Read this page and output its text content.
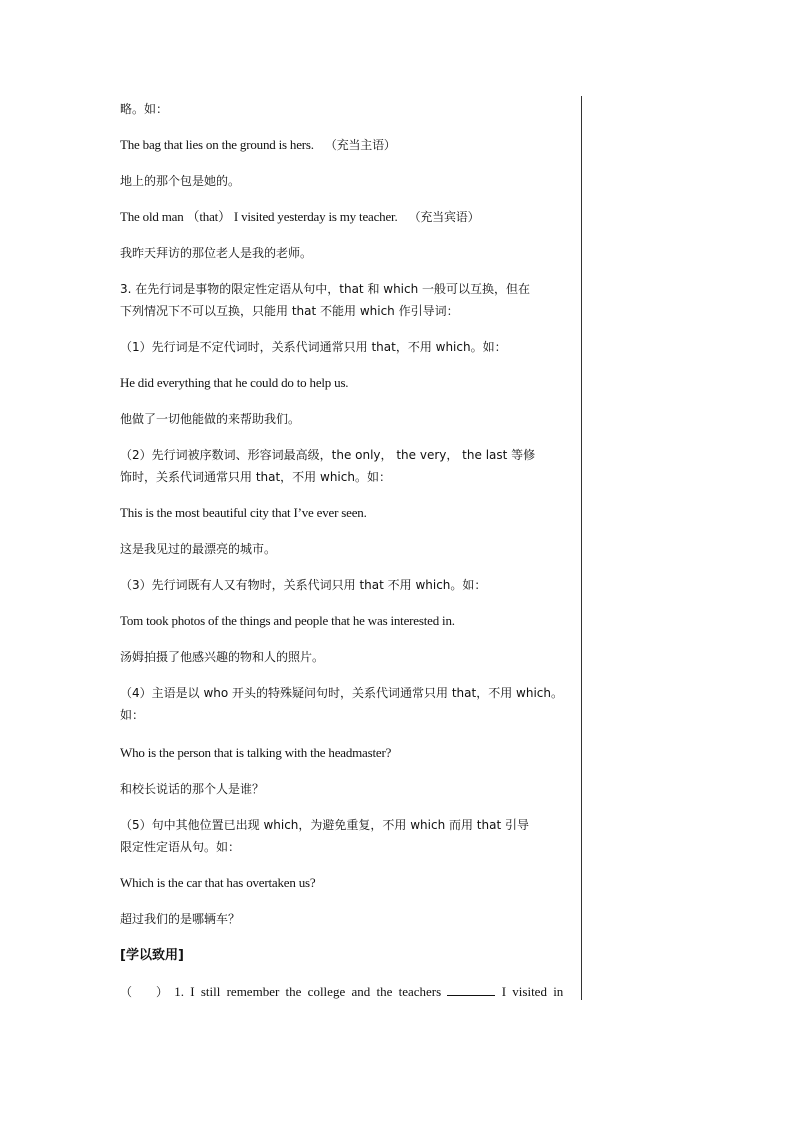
略。如：

The bag that lies on the ground is hers. （充当主语）

地上的那个包是她的。

The old man （that） I visited yesterday is my teacher. （充当宾语）

我昨天拜访的那位老人是我的老师。

3. 在先行词是事物的限定性定语从句中，that 和 which 一般可以互换，但在

下列情况下不可以互换，只能用 that 不能用 which 作引导词：

（1）先行词是不定代词时，关系代词通常只用 that，不用 which。如：

He did everything that he could do to help us.

他做了一切他能做的来帮助我们。

（2）先行词被序数词、形容词最高级，the only， the very， the last 等修

饰时，关系代词通常只用 that，不用 which。如：

This is the most beautiful city that I’ve ever seen.

这是我见过的最漂亮的城市。

（3）先行词既有人又有物时，关系代词只用 that 不用 which。如：

Tom took photos of the things and people that he was interested in.

汤姆拍摄了他感兴趣的物和人的照片。

（4）主语是以 who 开头的特殊疑问句时，关系代词通常只用 that，不用 which。

如：

Who is the person that is talking with the headmaster?

和校长说话的那个人是谁？

（5）句中其他位置已出现 which，为避免重复，不用 which 而用 that 引导

限定性定语从句。如：

Which is the car that has overtaken us?

超过我们的是哪辆车？

[学以致用]

（　　） 1. I still remember the college and the teachers	I visited in
